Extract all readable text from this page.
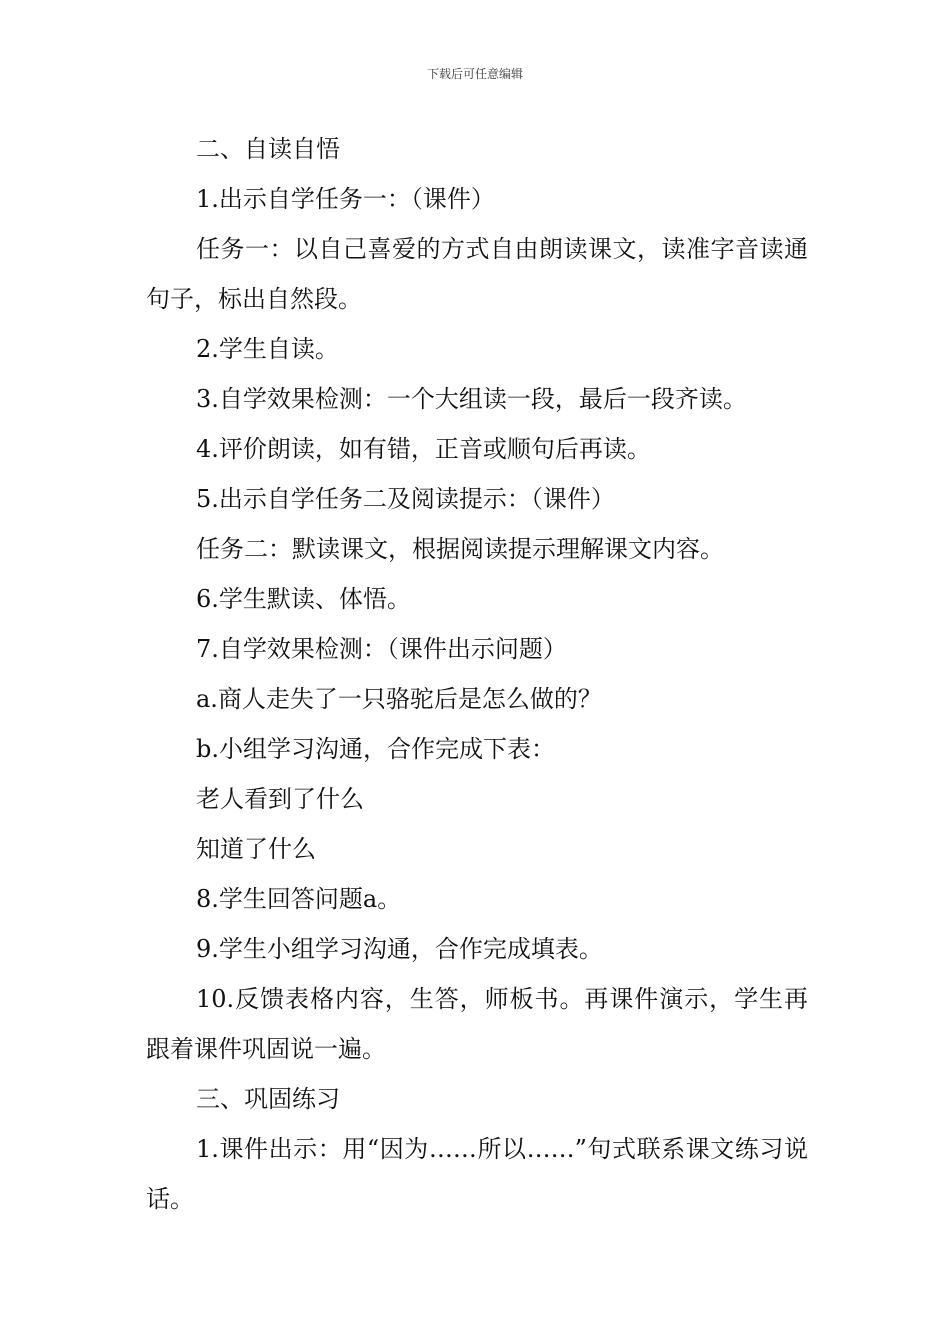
下载后可任意编辑

二、自读自悟

1.出示自学任务一：（课件）

任务一：以自己喜爱的方式自由朗读课文，读准字音读通句子，标出自然段。

2.学生自读。

3.自学效果检测：一个大组读一段，最后一段齐读。

4.评价朗读，如有错，正音或顺句后再读。

5.出示自学任务二及阅读提示：（课件）

任务二：默读课文，根据阅读提示理解课文内容。

6.学生默读、体悟。

7.自学效果检测：（课件出示问题）

a.商人走失了一只骆驼后是怎么做的？

b.小组学习沟通，合作完成下表：

老人看到了什么

知道了什么

8.学生回答问题a。

9.学生小组学习沟通，合作完成填表。

10.反馈表格内容，生答，师板书。再课件演示，学生再跟着课件巩固说一遍。

三、巩固练习

1.课件出示：用“因为……所以……”句式联系课文练习说话。
